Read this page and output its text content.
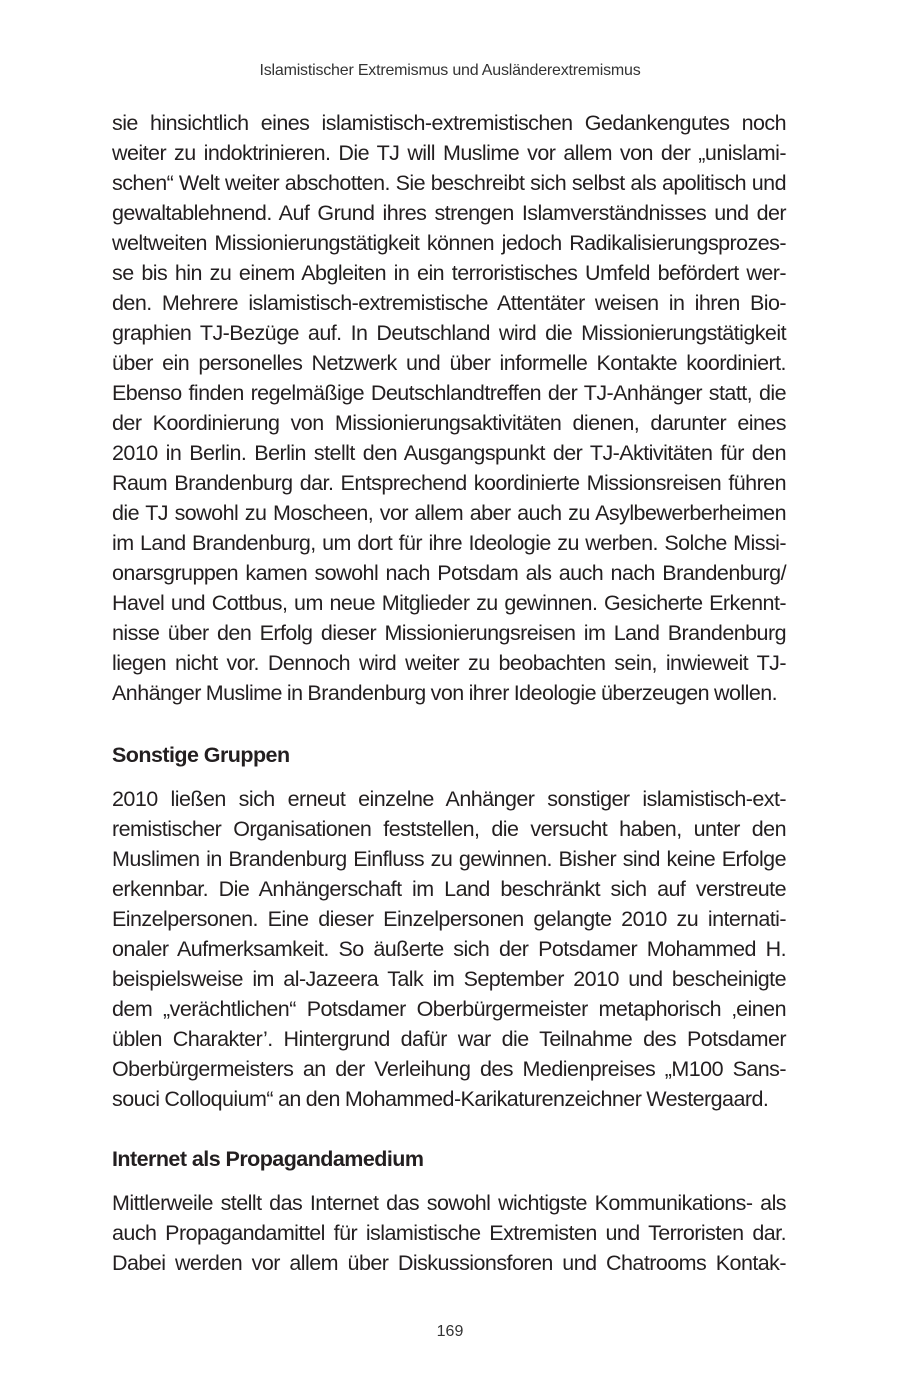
Islamistischer Extremismus und Ausländerextremismus
sie hinsichtlich eines islamistisch-extremistischen Gedankengutes noch
weiter zu indoktrinieren. Die TJ will Muslime vor allem von der „unislami-
schen“ Welt weiter abschotten. Sie beschreibt sich selbst als apolitisch und
gewaltablehnend. Auf Grund ihres strengen Islamverständnisses und der
weltweiten Missionierungstätigkeit können jedoch Radikalisierungsprozes-
se bis hin zu einem Abgleiten in ein terroristisches Umfeld befördert wer-
den. Mehrere islamistisch-extremistische Attentäter weisen in ihren Bio-
graphien TJ-Bezüge auf. In Deutschland wird die Missionierungstätigkeit
über ein personelles Netzwerk und über informelle Kontakte koordiniert.
Ebenso finden regelmäßige Deutschlandtreffen der TJ-Anhänger statt, die
der Koordinierung von Missionierungsaktivitäten dienen, darunter eines
2010 in Berlin. Berlin stellt den Ausgangspunkt der TJ-Aktivitäten für den
Raum Brandenburg dar. Entsprechend koordinierte Missionsreisen führen
die TJ sowohl zu Moscheen, vor allem aber auch zu Asylbewerberheimen
im Land Brandenburg, um dort für ihre Ideologie zu werben. Solche Missi-
onarsgruppen kamen sowohl nach Potsdam als auch nach Brandenburg/
Havel und Cottbus, um neue Mitglieder zu gewinnen. Gesicherte Erkennt-
nisse über den Erfolg dieser Missionierungsreisen im Land Brandenburg
liegen nicht vor. Dennoch wird weiter zu beobachten sein, inwieweit TJ-
Anhänger Muslime in Brandenburg von ihrer Ideologie überzeugen wollen.
Sonstige Gruppen
2010 ließen sich erneut einzelne Anhänger sonstiger islamistisch-ext-
remistischer Organisationen feststellen, die versucht haben, unter den
Muslimen in Brandenburg Einfluss zu gewinnen. Bisher sind keine Erfolge
erkennbar. Die Anhängerschaft im Land beschränkt sich auf verstreute
Einzelpersonen. Eine dieser Einzelpersonen gelangte 2010 zu internati-
onaler Aufmerksamkeit. So äußerte sich der Potsdamer Mohammed H.
beispielsweise im al-Jazeera Talk im September 2010 und bescheinigte
dem „verächtlichen“ Potsdamer Oberbürgermeister metaphorisch ‚einen
üblen Charakter’. Hintergrund dafür war die Teilnahme des Potsdamer
Oberbürgermeisters an der Verleihung des Medienpreises „M100 Sans-
souci Colloquium“ an den Mohammed-Karikaturenzeichner Westergaard.
Internet als Propagandamedium
Mittlerweile stellt das Internet das sowohl wichtigste Kommunikations- als
auch Propagandamittel für islamistische Extremisten und Terroristen dar.
Dabei werden vor allem über Diskussionsforen und Chatrooms Kontak-
169
